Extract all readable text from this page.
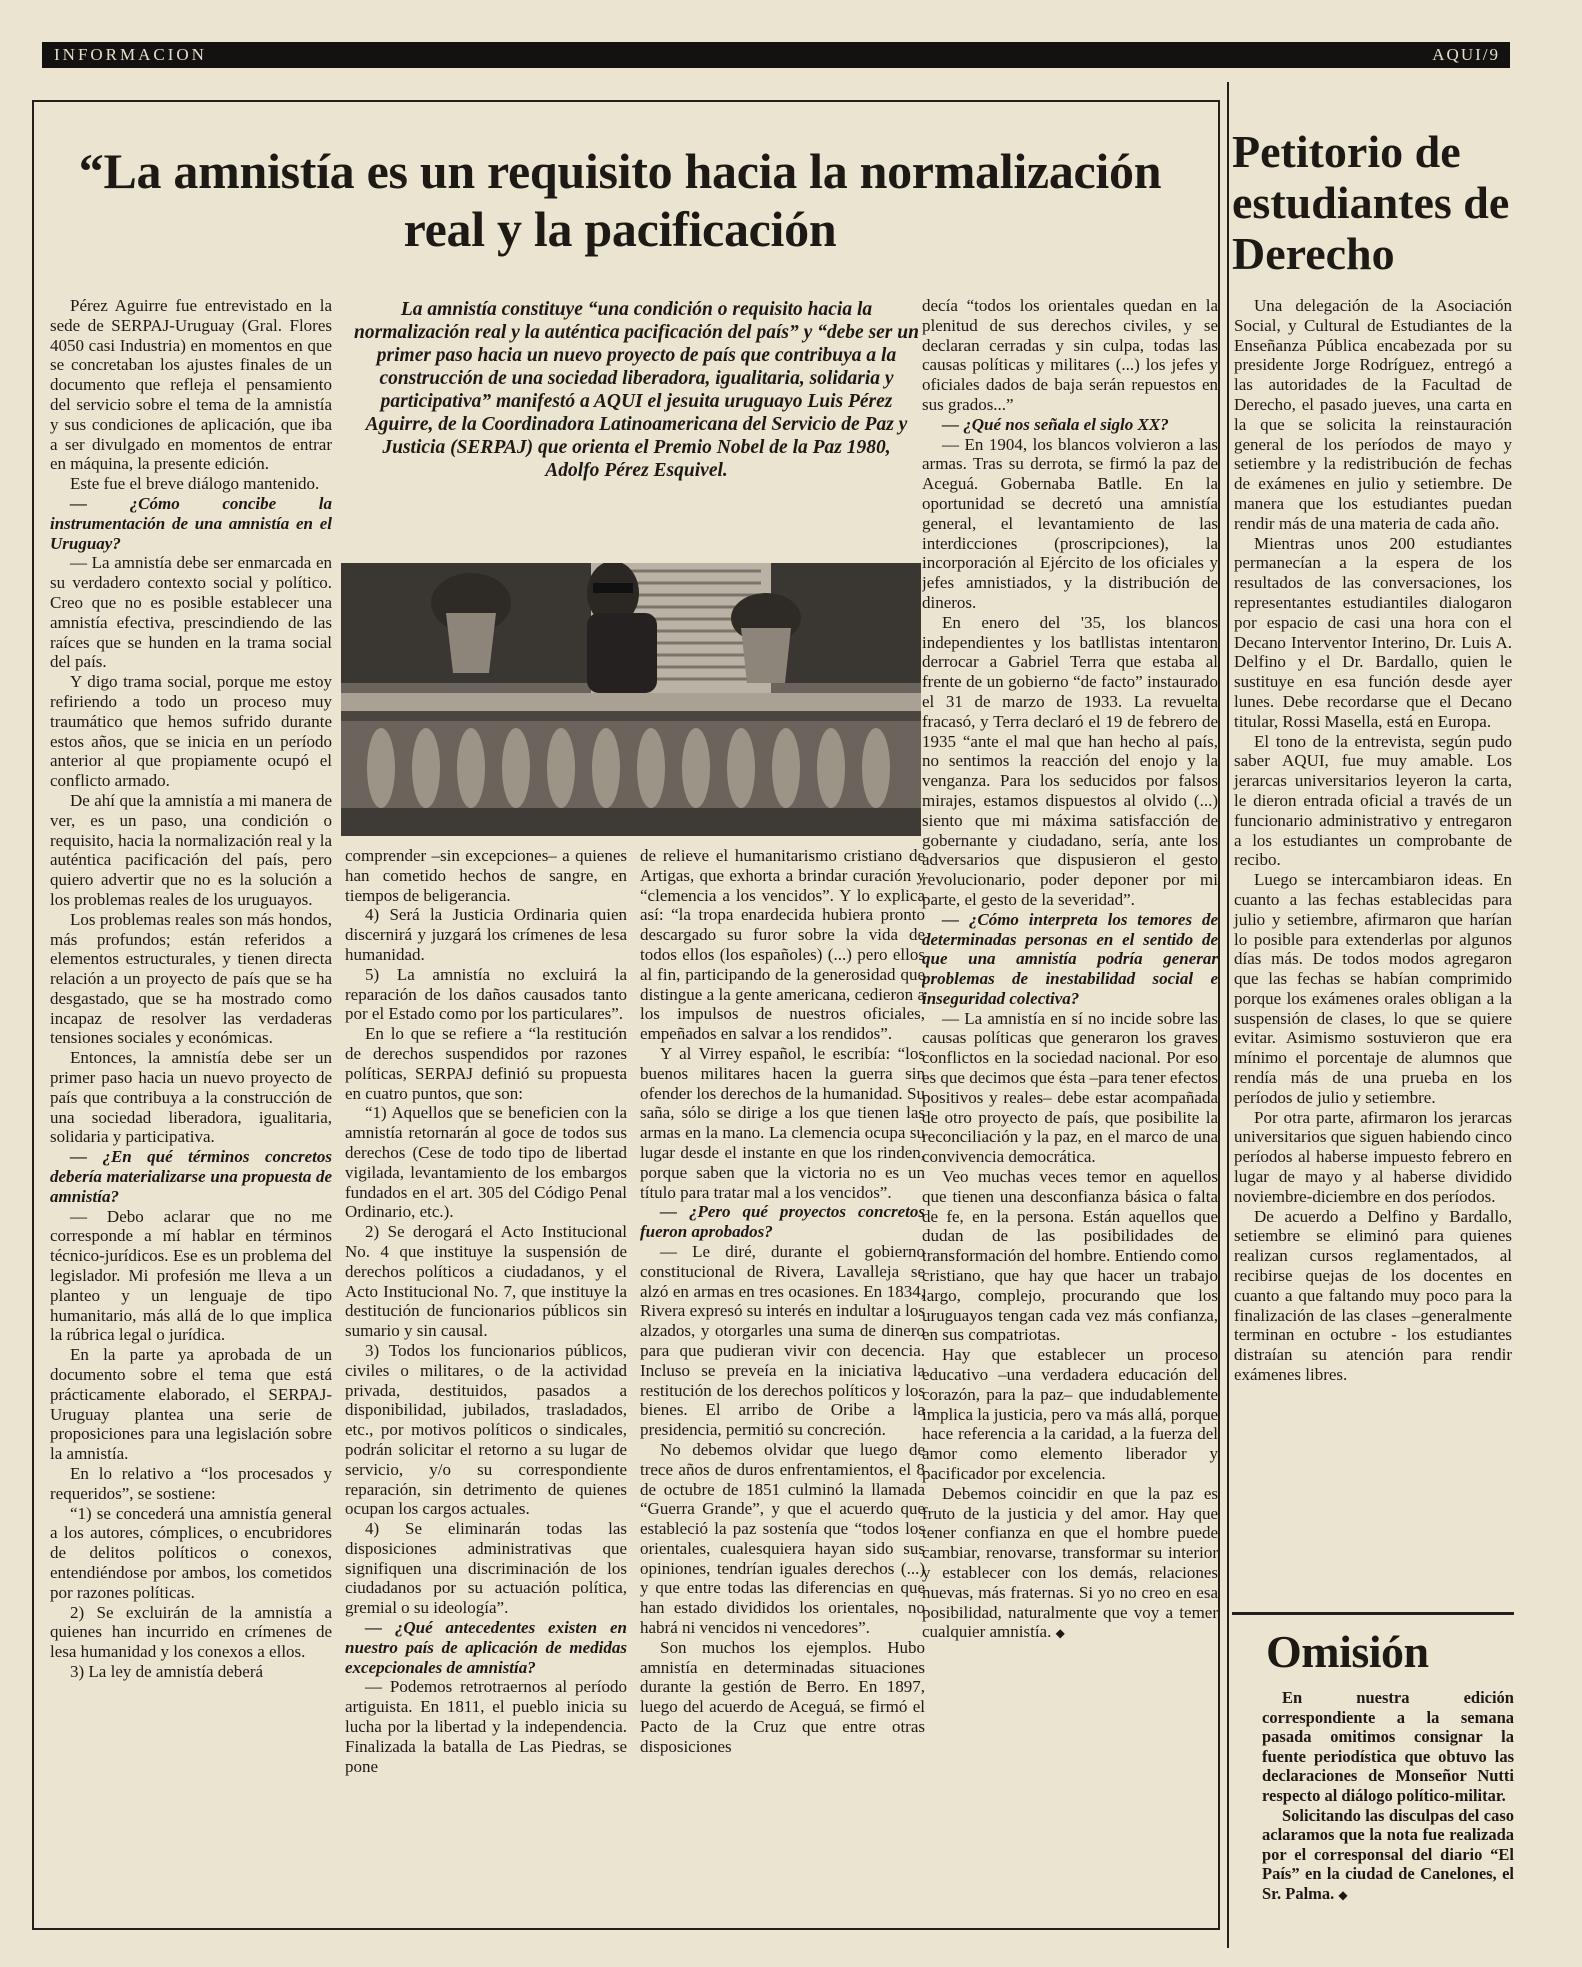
INFORMACION	AQUI/9
“La amnistía es un requisito hacia la normalización real y la pacificación
La amnistía constituye “una condición o requisito hacia la normalización real y la auténtica pacificación del país” y “debe ser un primer paso hacia un nuevo proyecto de país que contribuya a la construcción de una sociedad liberadora, igualitaria, solidaria y participativa” manifestó a AQUI el jesuita uruguayo Luis Pérez Aguirre, de la Coordinadora Latinoamericana del Servicio de Paz y Justicia (SERPAJ) que orienta el Premio Nobel de la Paz 1980, Adolfo Pérez Esquivel.

Pérez Aguirre fue entrevistado en la sede de SERPAJ-Uruguay (Gral. Flores 4050 casi Industria) en momentos en que se concretaban los ajustes finales de un documento que refleja el pensamiento del servicio sobre el tema de la amnistía y sus condiciones de aplicación, que iba a ser divulgado en momentos de entrar en máquina, la presente edición.

Este fue el breve diálogo mantenido.

— ¿Cómo concibe la instrumentación de una amnistía en el Uruguay?

— La amnistía debe ser enmarcada en su verdadero contexto social y político. Creo que no es posible establecer una amnistía efectiva, prescindiendo de las raíces que se hunden en la trama social del país.

Y digo trama social, porque me estoy refiriendo a todo un proceso muy traumático que hemos sufrido durante estos años, que se inicia en un período anterior al que propiamente ocupó el conflicto armado.

De ahí que la amnistía a mi manera de ver, es un paso, una condición o requisito, hacia la normalización real y la auténtica pacificación del país, pero quiero advertir que no es la solución a los problemas reales de los uruguayos.

Los problemas reales son más hondos, más profundos; están referidos a elementos estructurales, y tienen directa relación a un proyecto de país que se ha desgastado, que se ha mostrado como incapaz de resolver las verdaderas tensiones sociales y económicas.

Entonces, la amnistía debe ser un primer paso hacia un nuevo proyecto de país que contribuya a la construcción de una sociedad liberadora, igualitaria, solidaria y participativa.

— ¿En qué términos concretos debería materializarse una propuesta de amnistía?

— Debo aclarar que no me corresponde a mí hablar en términos técnico-jurídicos. Ese es un problema del legislador. Mi profesión me lleva a un planteo y un lenguaje de tipo humanitario, más allá de lo que implica la rúbrica legal o jurídica.

En la parte ya aprobada de un documento sobre el tema que está prácticamente elaborado, el SERPAJ- Uruguay plantea una serie de proposiciones para una legislación sobre la amnistía.

En lo relativo a “los procesados y requeridos”, se sostiene:

“1) se concederá una amnistía general a los autores, cómplices, o encubridores de delitos políticos o conexos, entendiéndose por ambos, los cometidos por razones políticas.

2) Se excluirán de la amnistía a quienes han incurrido en crímenes de lesa humanidad y los conexos a ellos.

3) La ley de amnistía deberá

comprender –sin excepciones– a quienes han cometido hechos de sangre, en tiempos de beligerancia.

4) Será la Justicia Ordinaria quien discernirá y juzgará los crímenes de lesa humanidad.

5) La amnistía no excluirá la reparación de los daños causados tanto por el Estado como por los particulares”.

En lo que se refiere a “la restitución de derechos suspendidos por razones políticas, SERPAJ definió su propuesta en cuatro puntos, que son:

“1) Aquellos que se beneficien con la amnistía retornarán al goce de todos sus derechos (Cese de todo tipo de libertad vigilada, levantamiento de los embargos fundados en el art. 305 del Código Penal Ordinario, etc.).

2) Se derogará el Acto Institucional No. 4 que instituye la suspensión de derechos políticos a ciudadanos, y el Acto Institucional No. 7, que instituye la destitución de funcionarios públicos sin sumario y sin causal.

3) Todos los funcionarios públicos, civiles o militares, o de la actividad privada, destituidos, pasados a disponibilidad, jubilados, trasladados, etc., por motivos políticos o sindicales, podrán solicitar el retorno a su lugar de servicio, y/o su correspondiente reparación, sin detrimento de quienes ocupan los cargos actuales.

4) Se eliminarán todas las disposiciones administrativas que signifiquen una discriminación de los ciudadanos por su actuación política, gremial o su ideología”.

— ¿Qué antecedentes existen en nuestro país de aplicación de medidas excepcionales de amnistía?

— Podemos retrotraernos al período artiguista. En 1811, el pueblo inicia su lucha por la libertad y la independencia. Finalizada la batalla de Las Piedras, se pone

de relieve el humanitarismo cristiano de Artigas, que exhorta a brindar curación y “clemencia a los vencidos”. Y lo explica así: “la tropa enardecida hubiera pronto descargado su furor sobre la vida de todos ellos (los españoles) (...) pero ellos al fin, participando de la generosidad que distingue a la gente americana, cedieron a los impulsos de nuestros oficiales, empeñados en salvar a los rendidos”.

Y al Virrey español, le escribía: “los buenos militares hacen la guerra sin ofender los derechos de la humanidad. Su saña, sólo se dirige a los que tienen las armas en la mano. La clemencia ocupa su lugar desde el instante en que los rinden, porque saben que la victoria no es un título para tratar mal a los vencidos”.

— ¿Pero qué proyectos concretos fueron aprobados?

— Le diré, durante el gobierno constitucional de Rivera, Lavalleja se alzó en armas en tres ocasiones. En 1834, Rivera expresó su interés en indultar a los alzados, y otorgarles una suma de dinero para que pudieran vivir con decencia. Incluso se preveía en la iniciativa la restitución de los derechos políticos y los bienes. El arribo de Oribe a la presidencia, permitió su concreción.

No debemos olvidar que luego de trece años de duros enfrentamientos, el 8 de octubre de 1851 culminó la llamada “Guerra Grande”, y que el acuerdo que estableció la paz sostenía que “todos los orientales, cualesquiera hayan sido sus opiniones, tendrían iguales derechos (...) y que entre todas las diferencias en que han estado divididos los orientales, no habrá ni vencidos ni vencedores”.

Son muchos los ejemplos. Hubo amnistía en determinadas situaciones durante la gestión de Berro. En 1897, luego del acuerdo de Aceguá, se firmó el Pacto de la Cruz que entre otras disposiciones

decía “todos los orientales quedan en la plenitud de sus derechos civiles, y se declaran cerradas y sin culpa, todas las causas políticas y militares (...) los jefes y oficiales dados de baja serán repuestos en sus grados...”

— ¿Qué nos señala el siglo XX?

— En 1904, los blancos volvieron a las armas. Tras su derrota, se firmó la paz de Aceguá. Gobernaba Batlle. En la oportunidad se decretó una amnistía general, el levantamiento de las interdicciones (proscripciones), la incorporación al Ejército de los oficiales y jefes amnistiados, y la distribución de dineros.

En enero del '35, los blancos independientes y los batllistas intentaron derrocar a Gabriel Terra que estaba al frente de un gobierno “de facto” instaurado el 31 de marzo de 1933. La revuelta fracasó, y Terra declaró el 19 de febrero de 1935 “ante el mal que han hecho al país, no sentimos la reacción del enojo y la venganza. Para los seducidos por falsos mirajes, estamos dispuestos al olvido (...) siento que mi máxima satisfacción de gobernante y ciudadano, sería, ante los adversarios que dispusieron el gesto revolucionario, poder deponer por mi parte, el gesto de la severidad”.

— ¿Cómo interpreta los temores de determinadas personas en el sentido de que una amnistía podría generar problemas de inestabilidad social e inseguridad colectiva?

— La amnistía en sí no incide sobre las causas políticas que generaron los graves conflictos en la sociedad nacional. Por eso es que decimos que ésta –para tener efectos positivos y reales– debe estar acompañada de otro proyecto de país, que posibilite la reconciliación y la paz, en el marco de una convivencia democrática.

Veo muchas veces temor en aquellos que tienen una desconfianza básica o falta de fe, en la persona. Están aquellos que dudan de las posibilidades de transformación del hombre. Entiendo como cristiano, que hay que hacer un trabajo largo, complejo, procurando que los uruguayos tengan cada vez más confianza, en sus compatriotas.

Hay que establecer un proceso educativo –una verdadera educación del corazón, para la paz– que indudablemente implica la justicia, pero va más allá, porque hace referencia a la caridad, a la fuerza del amor como elemento liberador y pacificador por excelencia.

Debemos coincidir en que la paz es fruto de la justicia y del amor. Hay que tener confianza en que el hombre puede cambiar, renovarse, transformar su interior y establecer con los demás, relaciones nuevas, más fraternas. Si yo no creo en esa posibilidad, naturalmente que voy a temer cualquier amnistía. ◆

Petitorio de estudiantes de Derecho

Una delegación de la Asociación Social, y Cultural de Estudiantes de la Enseñanza Pública encabezada por su presidente Jorge Rodríguez, entregó a las autoridades de la Facultad de Derecho, el pasado jueves, una carta en la que se solicita la reinstauración general de los períodos de mayo y setiembre y la redistribución de fechas de exámenes en julio y setiembre. De manera que los estudiantes puedan rendir más de una materia de cada año.

Mientras unos 200 estudiantes permanecían a la espera de los resultados de las conversaciones, los representantes estudiantiles dialogaron por espacio de casi una hora con el Decano Interventor Interino, Dr. Luis A. Delfino y el Dr. Bardallo, quien le sustituye en esa función desde ayer lunes. Debe recordarse que el Decano titular, Rossi Masella, está en Europa.

El tono de la entrevista, según pudo saber AQUI, fue muy amable. Los jerarcas universitarios leyeron la carta, le dieron entrada oficial a través de un funcionario administrativo y entregaron a los estudiantes un comprobante de recibo.

Luego se intercambiaron ideas. En cuanto a las fechas establecidas para julio y setiembre, afirmaron que harían lo posible para extenderlas por algunos días más. De todos modos agregaron que las fechas se habían comprimido porque los exámenes orales obligan a la suspensión de clases, lo que se quiere evitar. Asimismo sostuvieron que era mínimo el porcentaje de alumnos que rendía más de una prueba en los períodos de julio y setiembre.

Por otra parte, afirmaron los jerarcas universitarios que siguen habiendo cinco períodos al haberse impuesto febrero en lugar de mayo y al haberse dividido noviembre-diciembre en dos períodos.

De acuerdo a Delfino y Bardallo, setiembre se eliminó para quienes realizan cursos reglamentados, al recibirse quejas de los docentes en cuanto a que faltando muy poco para la finalización de las clases –generalmente terminan en octubre - los estudiantes distraían su atención para rendir exámenes libres.

Omisión

En nuestra edición correspondiente a la semana pasada omitimos consignar la fuente periodística que obtuvo las declaraciones de Monseñor Nutti respecto al diálogo político-militar.

Solicitando las disculpas del caso aclaramos que la nota fue realizada por el corresponsal del diario “El País” en la ciudad de Canelones, el Sr. Palma. ◆
